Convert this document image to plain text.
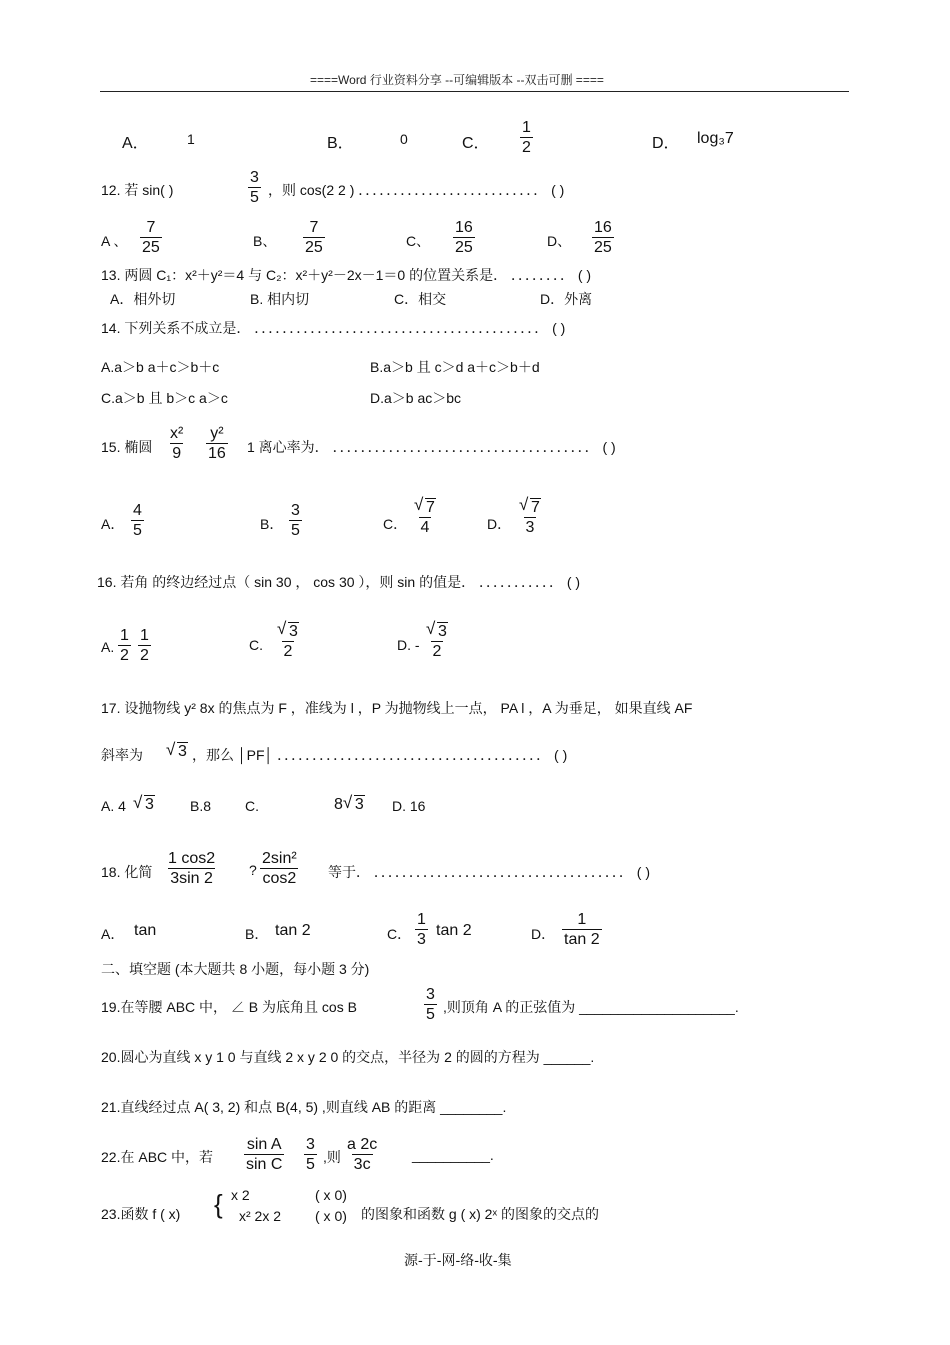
====Word 行业资料分享 --可编辑版本 --双击可删 ====
A．	1	B．	0	C． $\frac{1}{2}$	D． log₃7
12. 若 sin( )	$\frac{3}{5}$ ，则 cos(2 2 ) ．．．．．．．．．．．．．．．．．．．．．．．．．． ( )
A 、 $\frac{7}{25}$	B、 $\frac{7}{25}$	C、 $\frac{16}{25}$	D、 $\frac{16}{25}$
13. 两圆 C₁：x²＋y²＝4 与 C₂：x²＋y²－2x－1＝0 的位置关系是． ．．．．．．．． ( )
A．相外切	B. 相内切	C．相交	D．外离
14. 下列关系不成立是． ．．．．．．．．．．．．．．．．．．．．．．．．．．．．．．．．．．．．．．．．． ( )
A.a＞b a＋c＞b＋c	B.a＞b 且 c＞d a＋c＞b＋d
C.a＞b 且 b＞c a＞c	D.a＞b ac＞bc
15. 椭圆 $\frac{\text{x²}}{9} \frac{\text{y²}}{16} 1$ 离心率为． ．．．．．．．．．．．．．．．．．．．．．．．．．．．．．．．．．．．．． ( )
A． $\frac{4}{5}$	B． $\frac{3}{5}$	C． $\frac{√ 7}{4}$	D． $\frac{√ 7}{3}$
16. 若角 的终边经过点（ sin 30 ， cos 30 ），则 sin 的值是． ．．．．．．．．．．． ( )
A. $\frac{1}{2} \frac{1}{2}$	C. $\frac{√ 3}{2}$	D. - $\frac{√ 3}{2}$
17. 设抛物线 y² 8x 的焦点为 F ，准线为 l ，P 为抛物线上一点， PA l ，A 为垂足， 如果直线 AF
斜率为 √ 3 ，那么 │PF│ ．．．．．．．．．．．．．．．．．．．．．．．．．．．．．．．．．．．．．． ( )
A. 4 √ 3	B.8 C.	8 √ 3 D. 16
18. 化简 $\frac{1 \cos 2}{3\sin 2}$ ? $\frac{\text{2sin²}}{\cos 2}$ 等于． ．．．．．．．．．．．．．．．．．．．．．．．．．．．．．．．．．．．． ( )
A． tan	B． tan 2	C． $\frac{1}{3}$ tan 2	D． $\frac{1}{\tan 2}$
二、填空题 (本大题共 8 小题，每小题 3 分)
19.在等腰 ABC 中， ∠ B 为底角且 cos B	$\frac{3}{5}$ ,则顶角 A 的正弦值为 ____________________.
20.圆心为直线 x y 1 0 与直线 2 x y 2 0 的交点，半径为 2 的圆的方程为 ______.
21.直线经过点 A( 3, 2) 和点 B(4, 5) ,则直线 AB 的距离 ________.
22.在 ABC 中，若 $\frac{\text{sin A}}{\text{sin C}} \frac{3}{5}$ ,则 $\frac{a 2c}{3c}$ __________.
23.函数 f ( x) { x 2
x² 2x 2
( x 0)
( x 0) 的图象和函数 g ( x) 2ˣ 的图象的交点的
源-于-网-络-收-集
